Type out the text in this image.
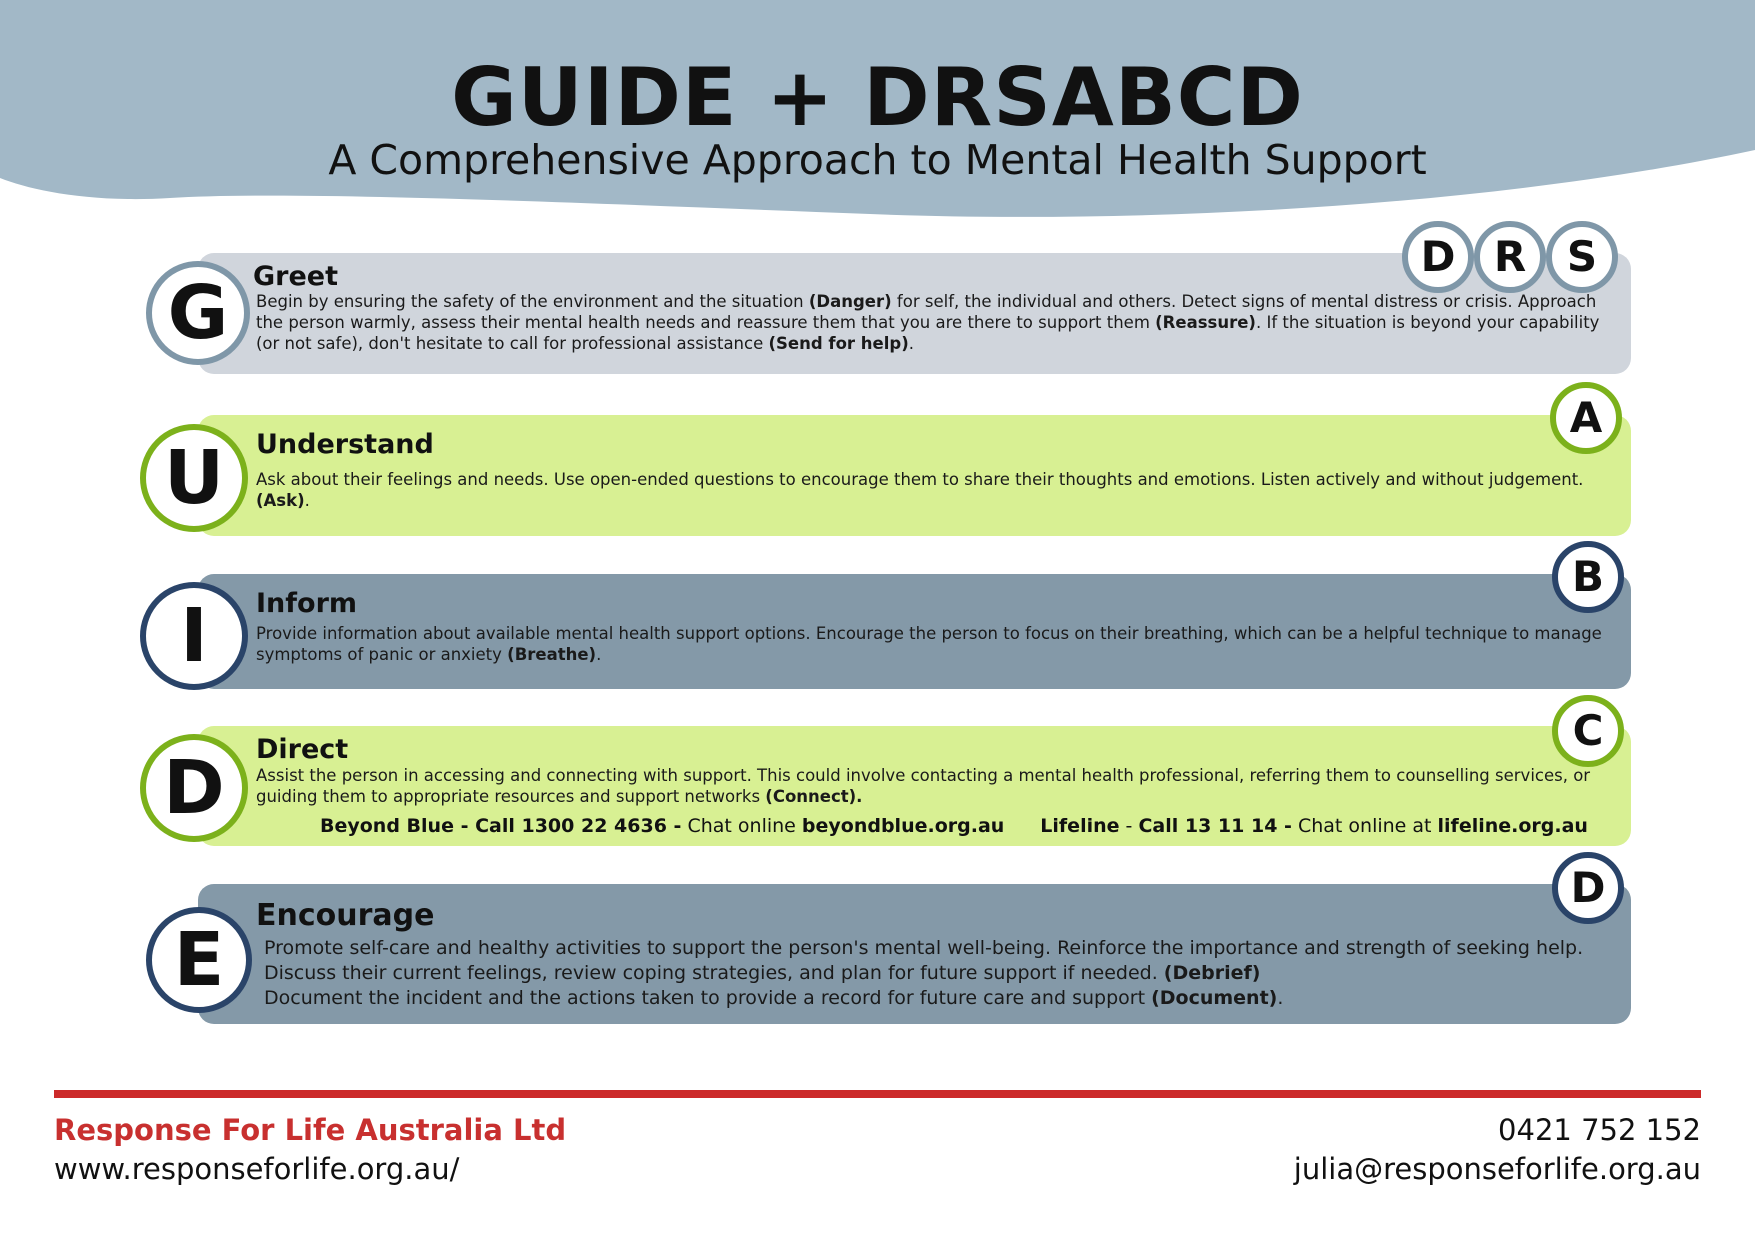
GUIDE + DRSABCD
A Comprehensive Approach to Mental Health Support
G
D R S
Greet
Begin by ensuring the safety of the environment and the situation (Danger) for self, the individual and others. Detect signs of mental distress or crisis. Approach the person warmly, assess their mental health needs and reassure them that you are there to support them (Reassure). If the situation is beyond your capability (or not safe), don't hesitate to call for professional assistance (Send for help).
U
A
Understand
Ask about their feelings and needs. Use open-ended questions to encourage them to share their thoughts and emotions. Listen actively and without judgement. (Ask).
I
B
Inform
Provide information about available mental health support options. Encourage the person to focus on their breathing, which can be a helpful technique to manage symptoms of panic or anxiety (Breathe).
D
C
Direct
Assist the person in accessing and connecting with support. This could involve contacting a mental health professional, referring them to counselling services, or guiding them to appropriate resources and support networks (Connect).
Beyond Blue - Call 1300 22 4636 - Chat online beyondblue.org.au Lifeline - Call 13 11 14 - Chat online at lifeline.org.au
E
D
Encourage
Promote self-care and healthy activities to support the person's mental well-being. Reinforce the importance and strength of seeking help. Discuss their current feelings, review coping strategies, and plan for future support if needed. (Debrief)
Document the incident and the actions taken to provide a record for future care and support (Document).
Response For Life Australia Ltd
www.responseforlife.org.au/
0421 752 152
julia@responseforlife.org.au
